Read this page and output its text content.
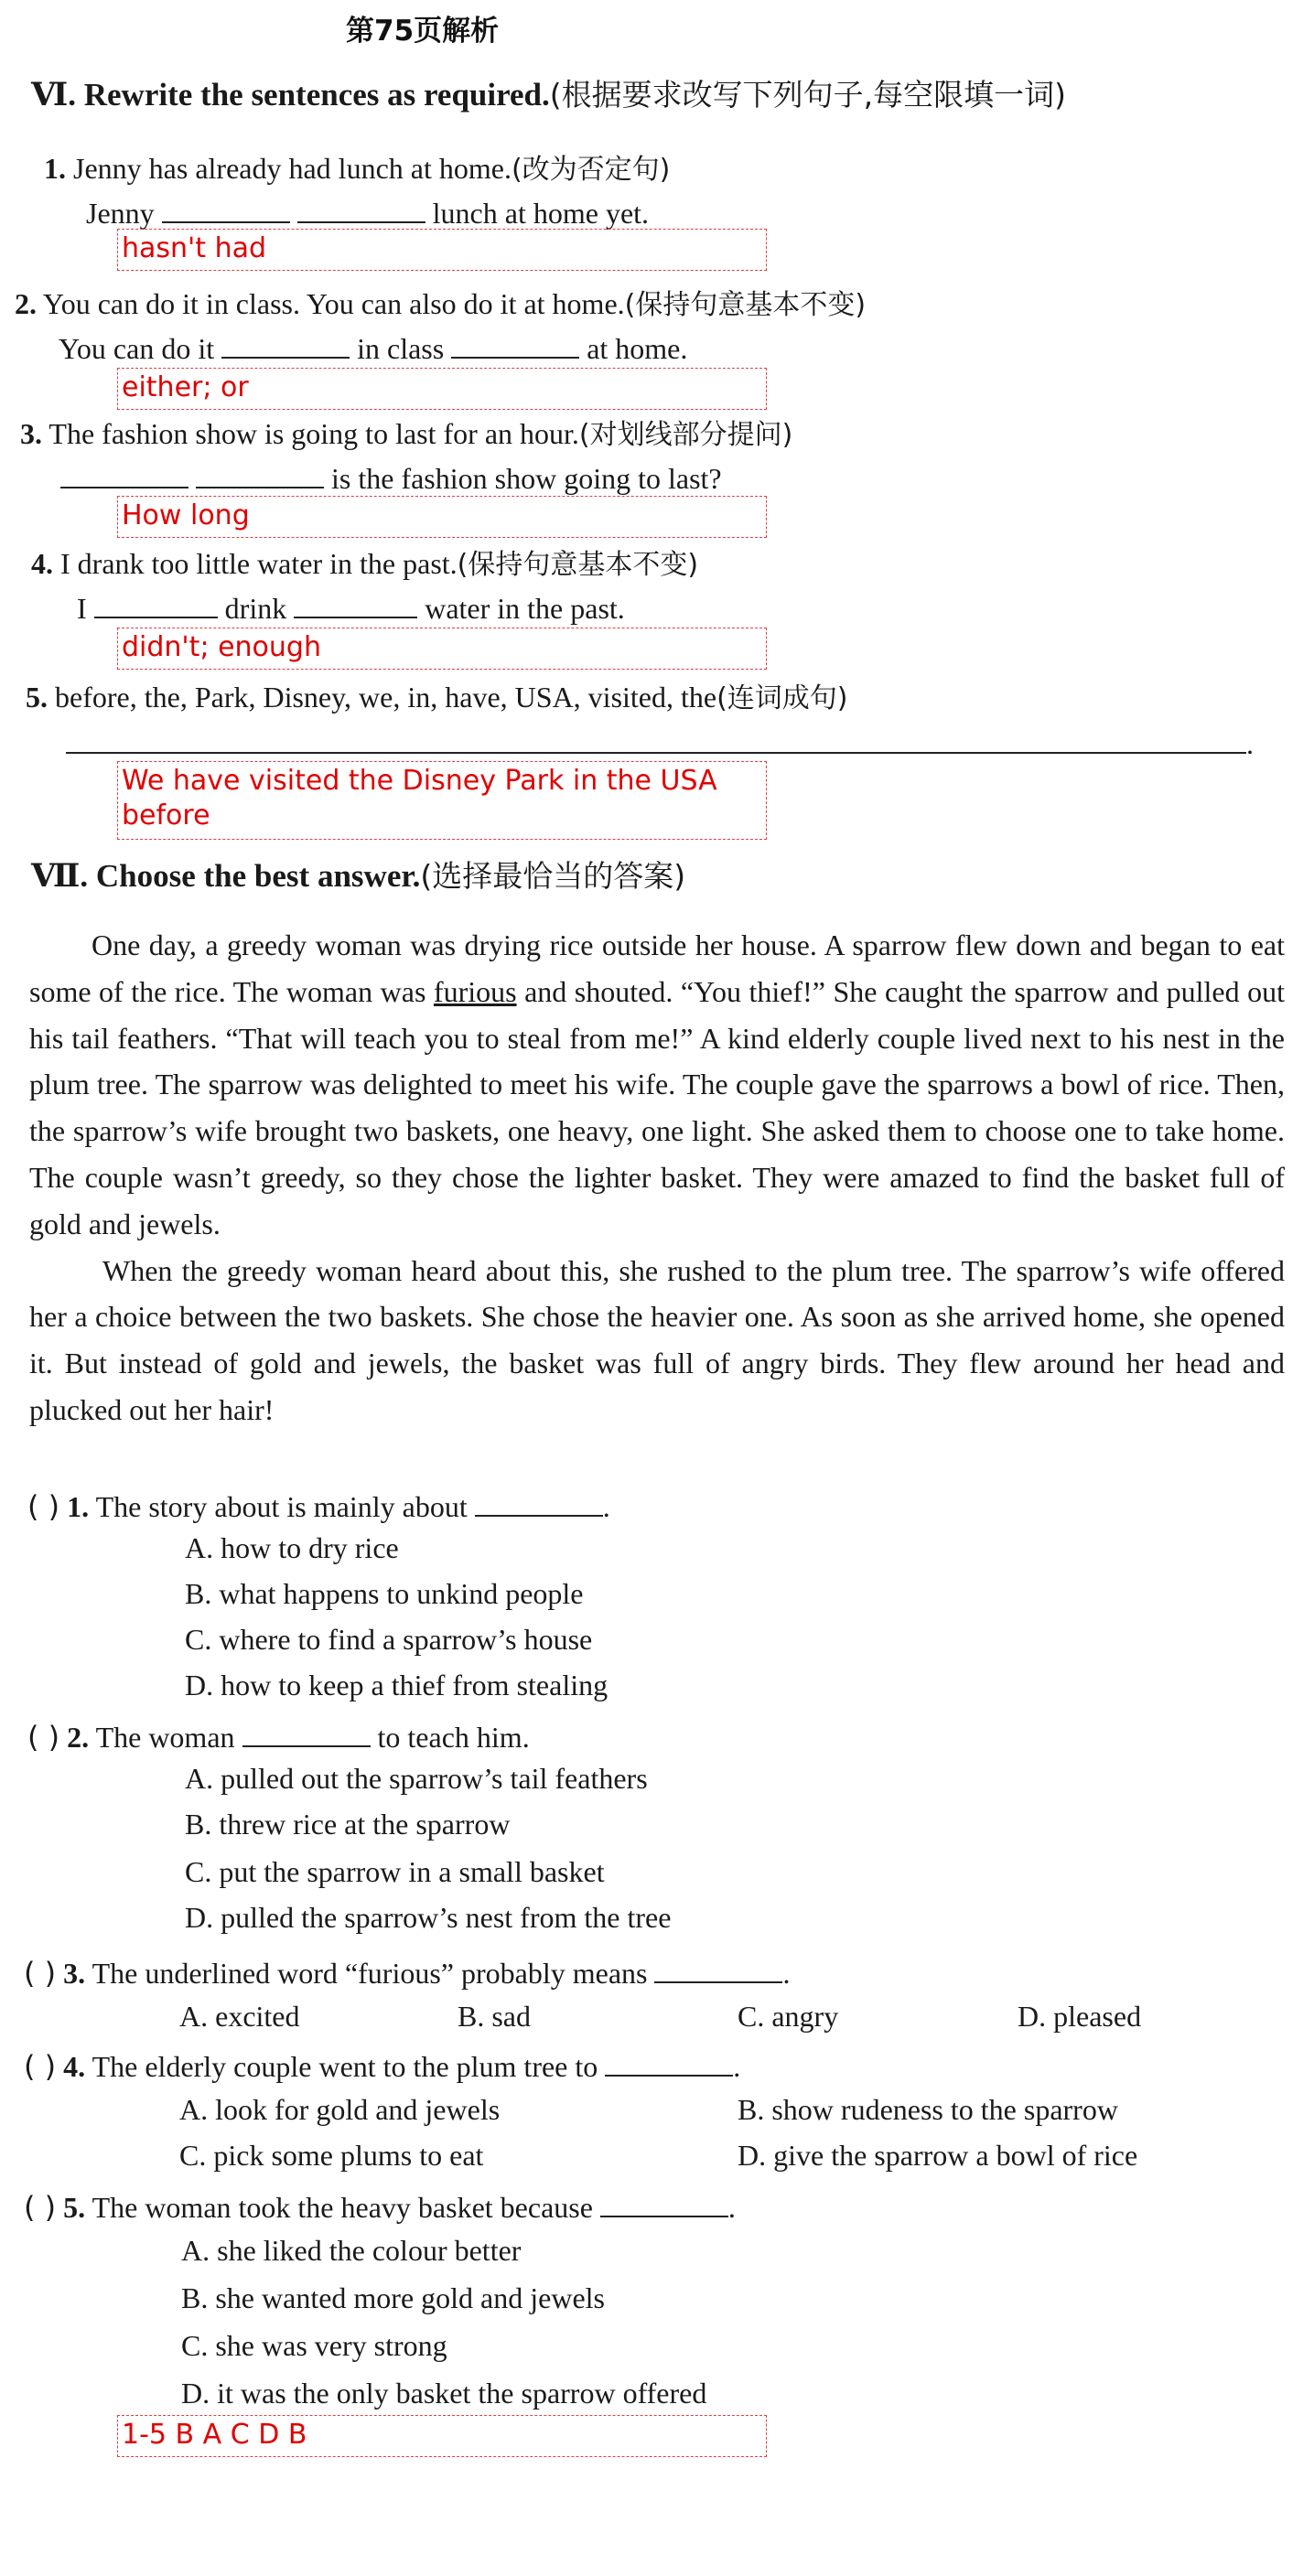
第75页解析
Ⅵ. Rewrite the sentences as required.(根据要求改写下列句子,每空限填一词)
1. Jenny has already had lunch at home.(改为否定句)
Jenny	lunch at home yet.
hasn't had
2. You can do it in class. You can also do it at home.(保持句意基本不变)
You can do it	in class	at home.
either; or
3. The fashion show is going to last for an hour.(对划线部分提问)
is the fashion show going to last?
How long
4. I drank too little water in the past.(保持句意基本不变)
I	drink	water in the past.
didn't; enough
5. before, the, Park, Disney, we, in, have, USA, visited, the(连词成句)
.
We have visited the Disney Park in the USA before
Ⅶ. Choose the best answer.(选择最恰当的答案)

One day, a greedy woman was drying rice outside her house. A sparrow flew down and began to eat some of the rice. The woman was furious and shouted. “You thief!” She caught the sparrow and pulled out his tail feathers. “That will teach you to steal from me!” A kind elderly couple lived next to his nest in the plum tree. The sparrow was delighted to meet his wife. The couple gave the sparrows a bowl of rice. Then, the sparrow’s wife brought two baskets, one heavy, one light. She asked them to choose one to take home. The couple wasn’t greedy, so they chose the lighter basket. They were amazed to find the basket full of gold and jewels.

When the greedy woman heard about this, she rushed to the plum tree. The sparrow’s wife offered her a choice between the two baskets. She chose the heavier one. As soon as she arrived home, she opened it. But instead of gold and jewels, the basket was full of angry birds. They flew around her head and plucked out her hair!

( ) 1. The story about is mainly about	.
A. how to dry rice
B. what happens to unkind people
C. where to find a sparrow’s house
D. how to keep a thief from stealing
( ) 2. The woman	to teach him.
A. pulled out the sparrow’s tail feathers
B. threw rice at the sparrow
C. put the sparrow in a small basket
D. pulled the sparrow’s nest from the tree
( ) 3. The underlined word “furious” probably means	.
A. excited	B. sad	C. angry	D. pleased
( ) 4. The elderly couple went to the plum tree to	.
A. look for gold and jewels	B. show rudeness to the sparrow
C. pick some plums to eat	D. give the sparrow a bowl of rice
( ) 5. The woman took the heavy basket because	.
A. she liked the colour better
B. she wanted more gold and jewels
C. she was very strong
D. it was the only basket the sparrow offered
1-5 B A C D B
